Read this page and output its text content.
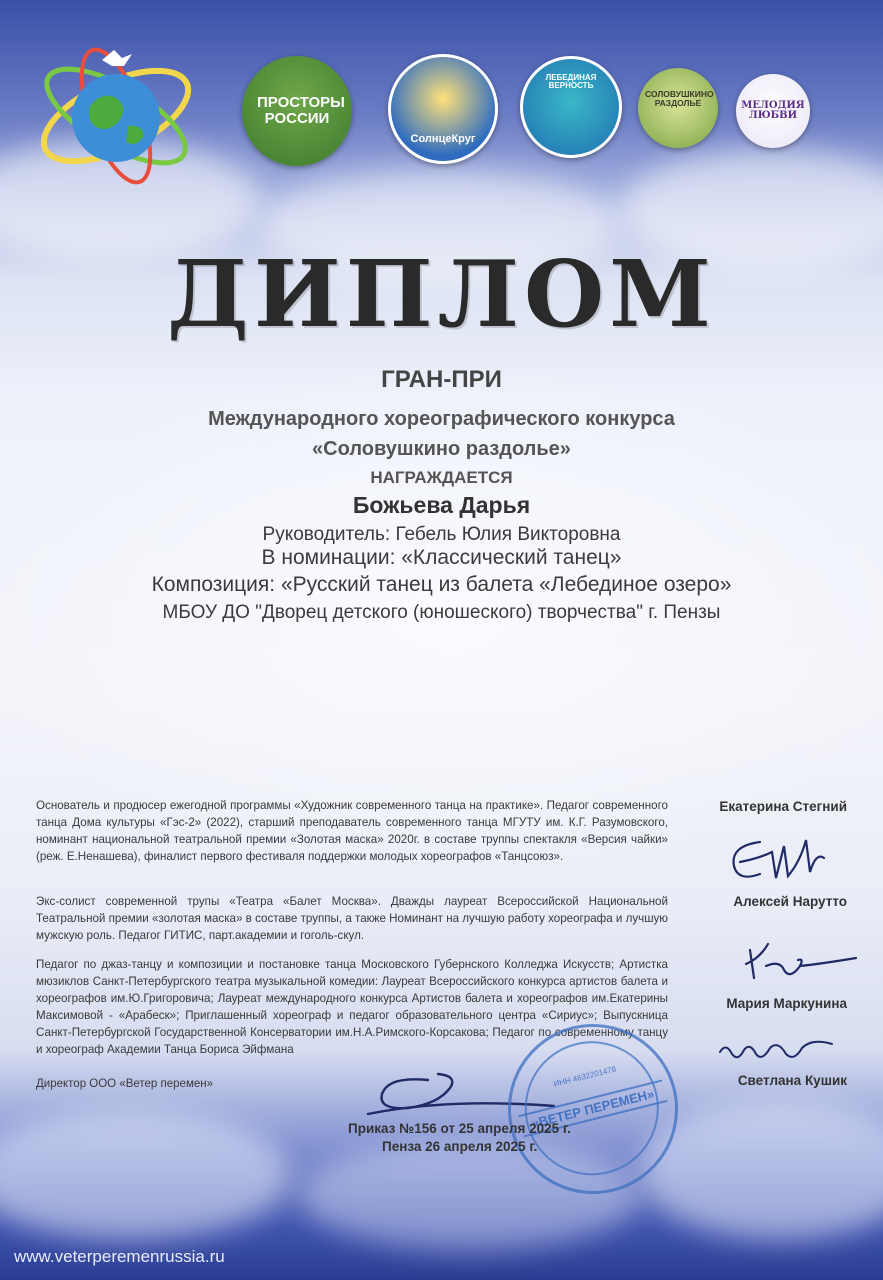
ПРОСТОРЫ РОССИИ
СолнцеКруг
ЛЕБЕДИНАЯ ВЕРНОСТЬ
СОЛОВУШКИНО РАЗДОЛЬЕ	МЕЛОДИЯ
ЛЮБВИ
ДИПЛОМ
ГРАН-ПРИ
Международного хореографического конкурса
«Соловушкино раздолье»
НАГРАЖДАЕТСЯ
Божьева Дарья
Руководитель: Гебель Юлия Викторовна
В номинации: «Классический танец»
Композиция: «Русский танец из балета «Лебединое озеро»
МБОУ ДО "Дворец детского (юношеского) творчества" г. Пензы
Основатель и продюсер ежегодной программы «Художник современного танца на практике». Педагог современного танца Дома культуры «Гэс-2» (2022), старший преподаватель современного танца МГУТУ им. К.Г. Разумовского, номинант национальной театральной премии «Золотая маска» 2020г. в составе труппы спектакля «Версия чайки» (реж. Е.Ненашева), финалист первого фестиваля поддержки молодых хореографов «Танцсоюз».
Экс-солист современной трупы «Театра «Балет Москва». Дважды лауреат Всероссийской Национальной Театральной премии «золотая маска» в составе труппы, а также Номинант на лучшую работу хореографа и лучшую мужскую роль. Педагог ГИТИС, парт.академии и гоголь-скул.
Педагог по джаз-танцу и композиции и постановке танца Московского Губернского Колледжа Искусств; Артистка мюзиклов Санкт-Петербургского театра музыкальной комедии: Лауреат Всероссийского конкурса артистов балета и хореографов им.Ю.Григоровича; Лауреат международного конкурса Артистов балета и хореографов им.Екатерины Максимовой - «Арабеск»; Приглашенный хореограф и педагог образовательного центра «Сириус»; Выпускница Санкт-Петербургской Государственной Консерватории им.Н.А.Римского-Корсакова; Педагог по современному танцу и хореограф Академии Танца Бориса Эйфмана
Директор ООО «Ветер перемен»
Екатерина Стегний
Алексей Нарутто
Мария Маркунина
Светлана Кушик
ИНН 4632201478
«ВЕТЕР ПЕРЕМЕН»
Приказ №156 от 25 апреля 2025 г.
Пенза 26 апреля 2025 г.
www.veterperemenrussia.ru
